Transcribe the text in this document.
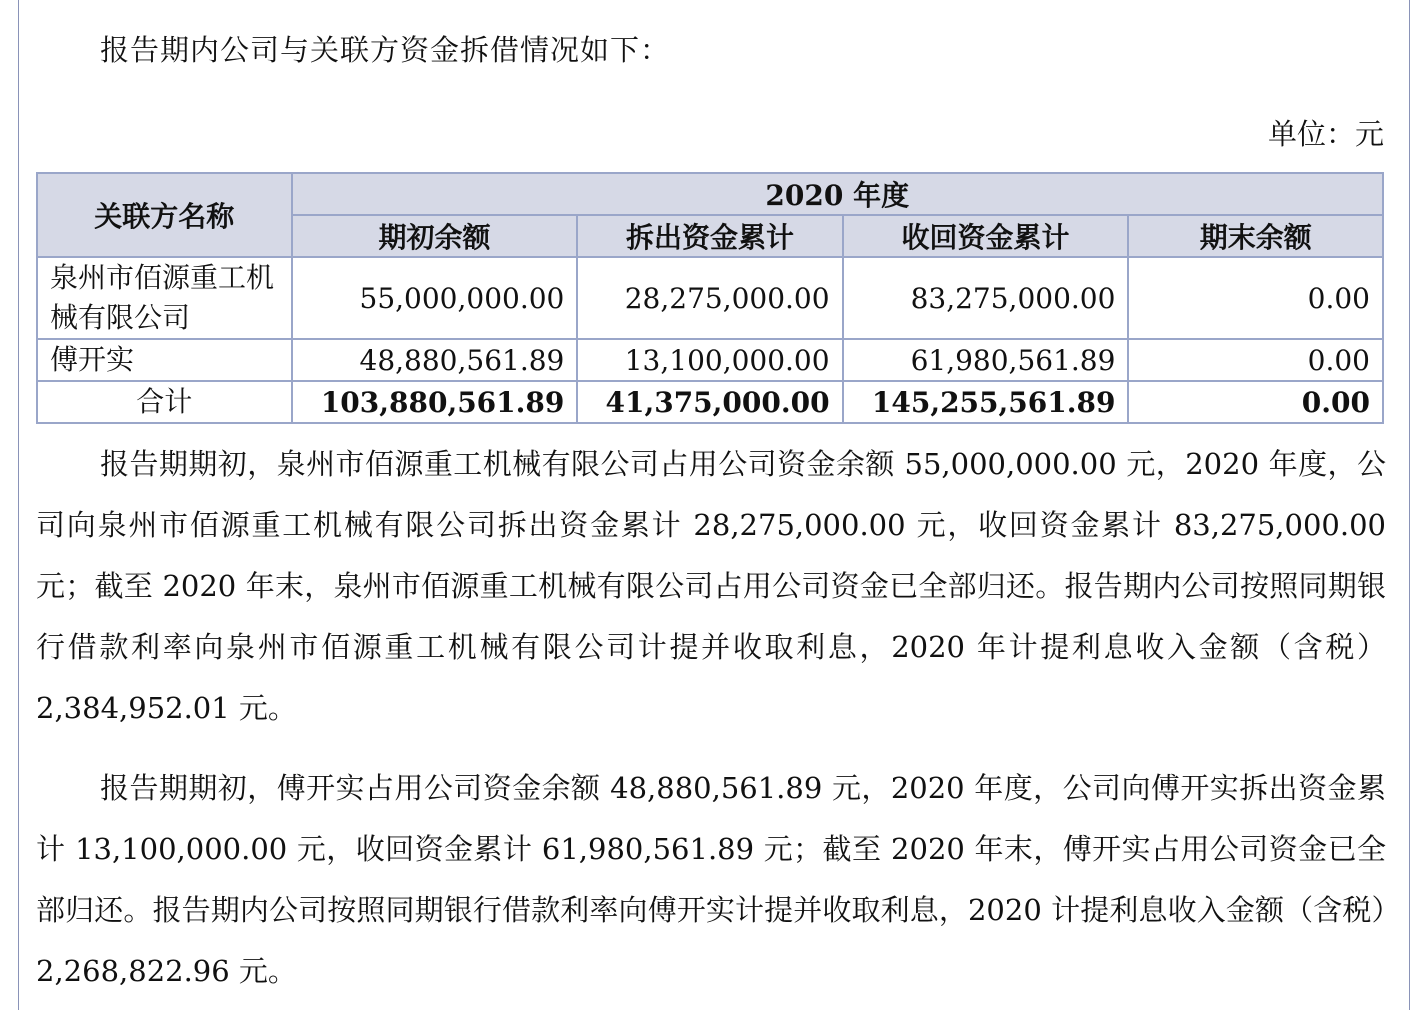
报告期内公司与关联方资金拆借情况如下：
单位：元
关联方名称	2020 年度			
	期初余额	拆出资金累计	收回资金累计	期末余额
泉州市佰源重工机械有限公司	55,000,000.00	28,275,000.00	83,275,000.00	0.00
傅开实	48,880,561.89	13,100,000.00	61,980,561.89	0.00
合计	103,880,561.89	41,375,000.00	145,255,561.89	0.00
报告期期初，泉州市佰源重工机械有限公司占用公司资金余额 55,000,000.00 元，2020 年度，公司向泉州市佰源重工机械有限公司拆出资金累计 28,275,000.00 元，收回资金累计 83,275,000.00 元；截至 2020 年末，泉州市佰源重工机械有限公司占用公司资金已全部归还。报告期内公司按照同期银行借款利率向泉州市佰源重工机械有限公司计提并收取利息，2020 年计提利息收入金额（含税）2,384,952.01 元。
报告期期初，傅开实占用公司资金余额 48,880,561.89 元，2020 年度，公司向傅开实拆出资金累计 13,100,000.00 元，收回资金累计 61,980,561.89 元；截至 2020 年末，傅开实占用公司资金已全部归还。报告期内公司按照同期银行借款利率向傅开实计提并收取利息，2020 计提利息收入金额（含税）2,268,822.96 元。
